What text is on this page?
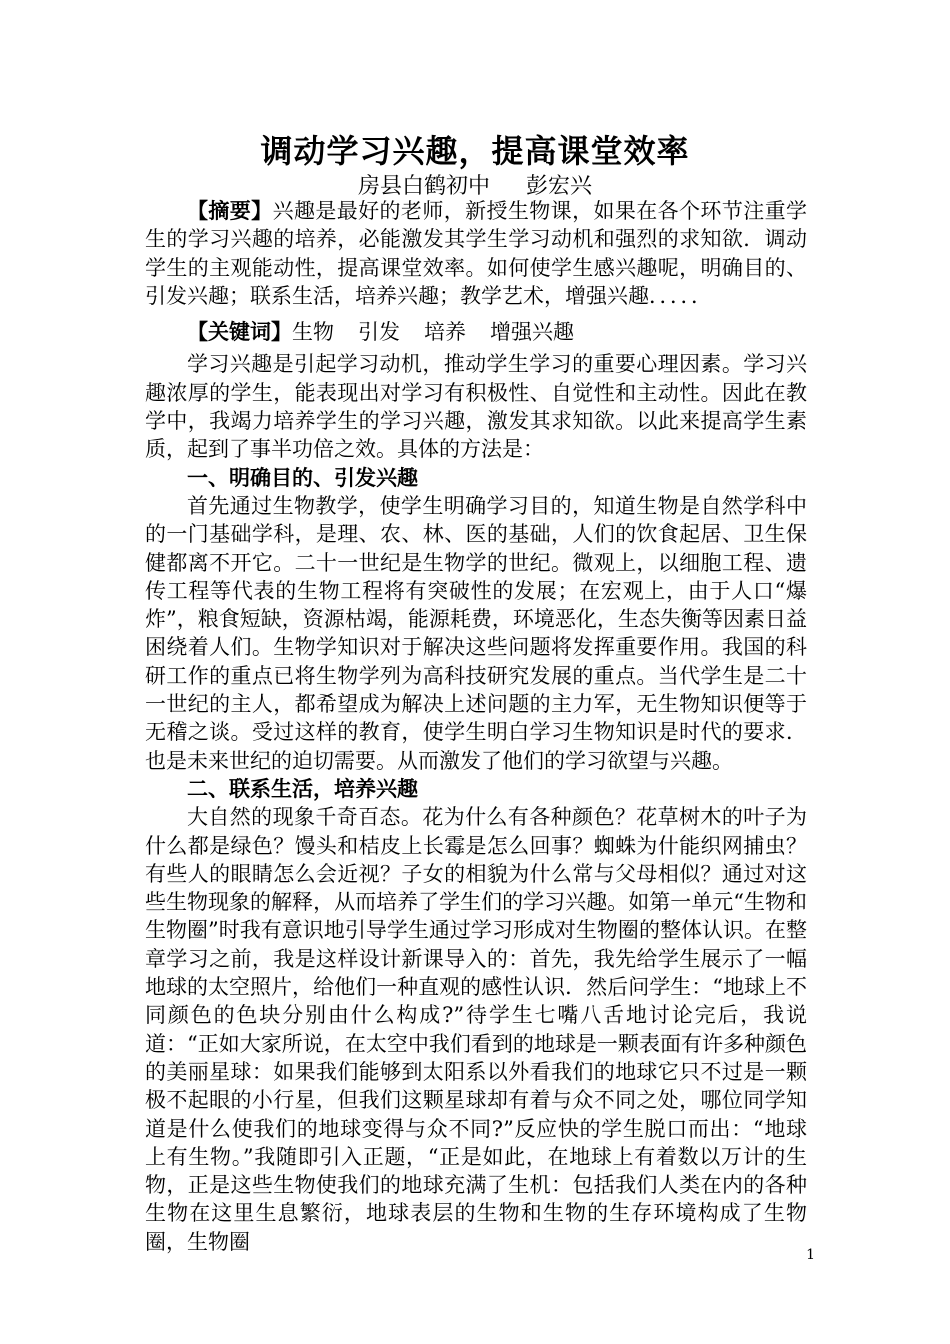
调动学习兴趣，提高课堂效率
房县白鹤初中 彭宏兴

【摘要】兴趣是最好的老师，新授生物课，如果在各个环节注重学生的学习兴趣的培养，必能激发其学生学习动机和强烈的求知欲．调动学生的主观能动性，提高课堂效率。如何使学生感兴趣呢，明确目的、引发兴趣；联系生活，培养兴趣；教学艺术，增强兴趣．．．．．

【关键词】生物 引发 培养 增强兴趣

学习兴趣是引起学习动机，推动学生学习的重要心理因素。学习兴趣浓厚的学生，能表现出对学习有积极性、自觉性和主动性。因此在教学中，我竭力培养学生的学习兴趣，激发其求知欲。以此来提高学生素质，起到了事半功倍之效。具体的方法是：

一、明确目的、引发兴趣

首先通过生物教学，使学生明确学习目的，知道生物是自然学科中的一门基础学科，是理、农、林、医的基础，人们的饮食起居、卫生保健都离不开它。二十一世纪是生物学的世纪。微观上，以细胞工程、遗传工程等代表的生物工程将有突破性的发展；在宏观上，由于人口“爆炸”，粮食短缺，资源枯竭，能源耗费，环境恶化，生态失衡等因素日益困绕着人们。生物学知识对于解决这些问题将发挥重要作用。我国的科研工作的重点已将生物学列为高科技研究发展的重点。当代学生是二十一世纪的主人，都希望成为解决上述问题的主力军，无生物知识便等于无稽之谈。受过这样的教育，使学生明白学习生物知识是时代的要求．也是未来世纪的迫切需要。从而激发了他们的学习欲望与兴趣。

二、联系生活，培养兴趣

大自然的现象千奇百态。花为什么有各种颜色？花草树木的叶子为什么都是绿色？馒头和桔皮上长霉是怎么回事？蜘蛛为什能织网捕虫？有些人的眼睛怎么会近视？子女的相貌为什么常与父母相似？通过对这些生物现象的解释，从而培养了学生们的学习兴趣。如第一单元“生物和生物圈”时我有意识地引导学生通过学习形成对生物圈的整体认识。在整章学习之前，我是这样设计新课导入的：首先，我先给学生展示了一幅地球的太空照片，给他们一种直观的感性认识．然后问学生：“地球上不同颜色的色块分别由什么构成?”待学生七嘴八舌地讨论完后，我说道：“正如大家所说，在太空中我们看到的地球是一颗表面有许多种颜色的美丽星球：如果我们能够到太阳系以外看我们的地球它只不过是一颗极不起眼的小行星，但我们这颗星球却有着与众不同之处，哪位同学知道是什么使我们的地球变得与众不同?”反应快的学生脱口而出：“地球上有生物。”我随即引入正题，“正是如此，在地球上有着数以万计的生物，正是这些生物使我们的地球充满了生机：包括我们人类在内的各种生物在这里生息繁衍，地球表层的生物和生物的生存环境构成了生物圈，生物圈

1
